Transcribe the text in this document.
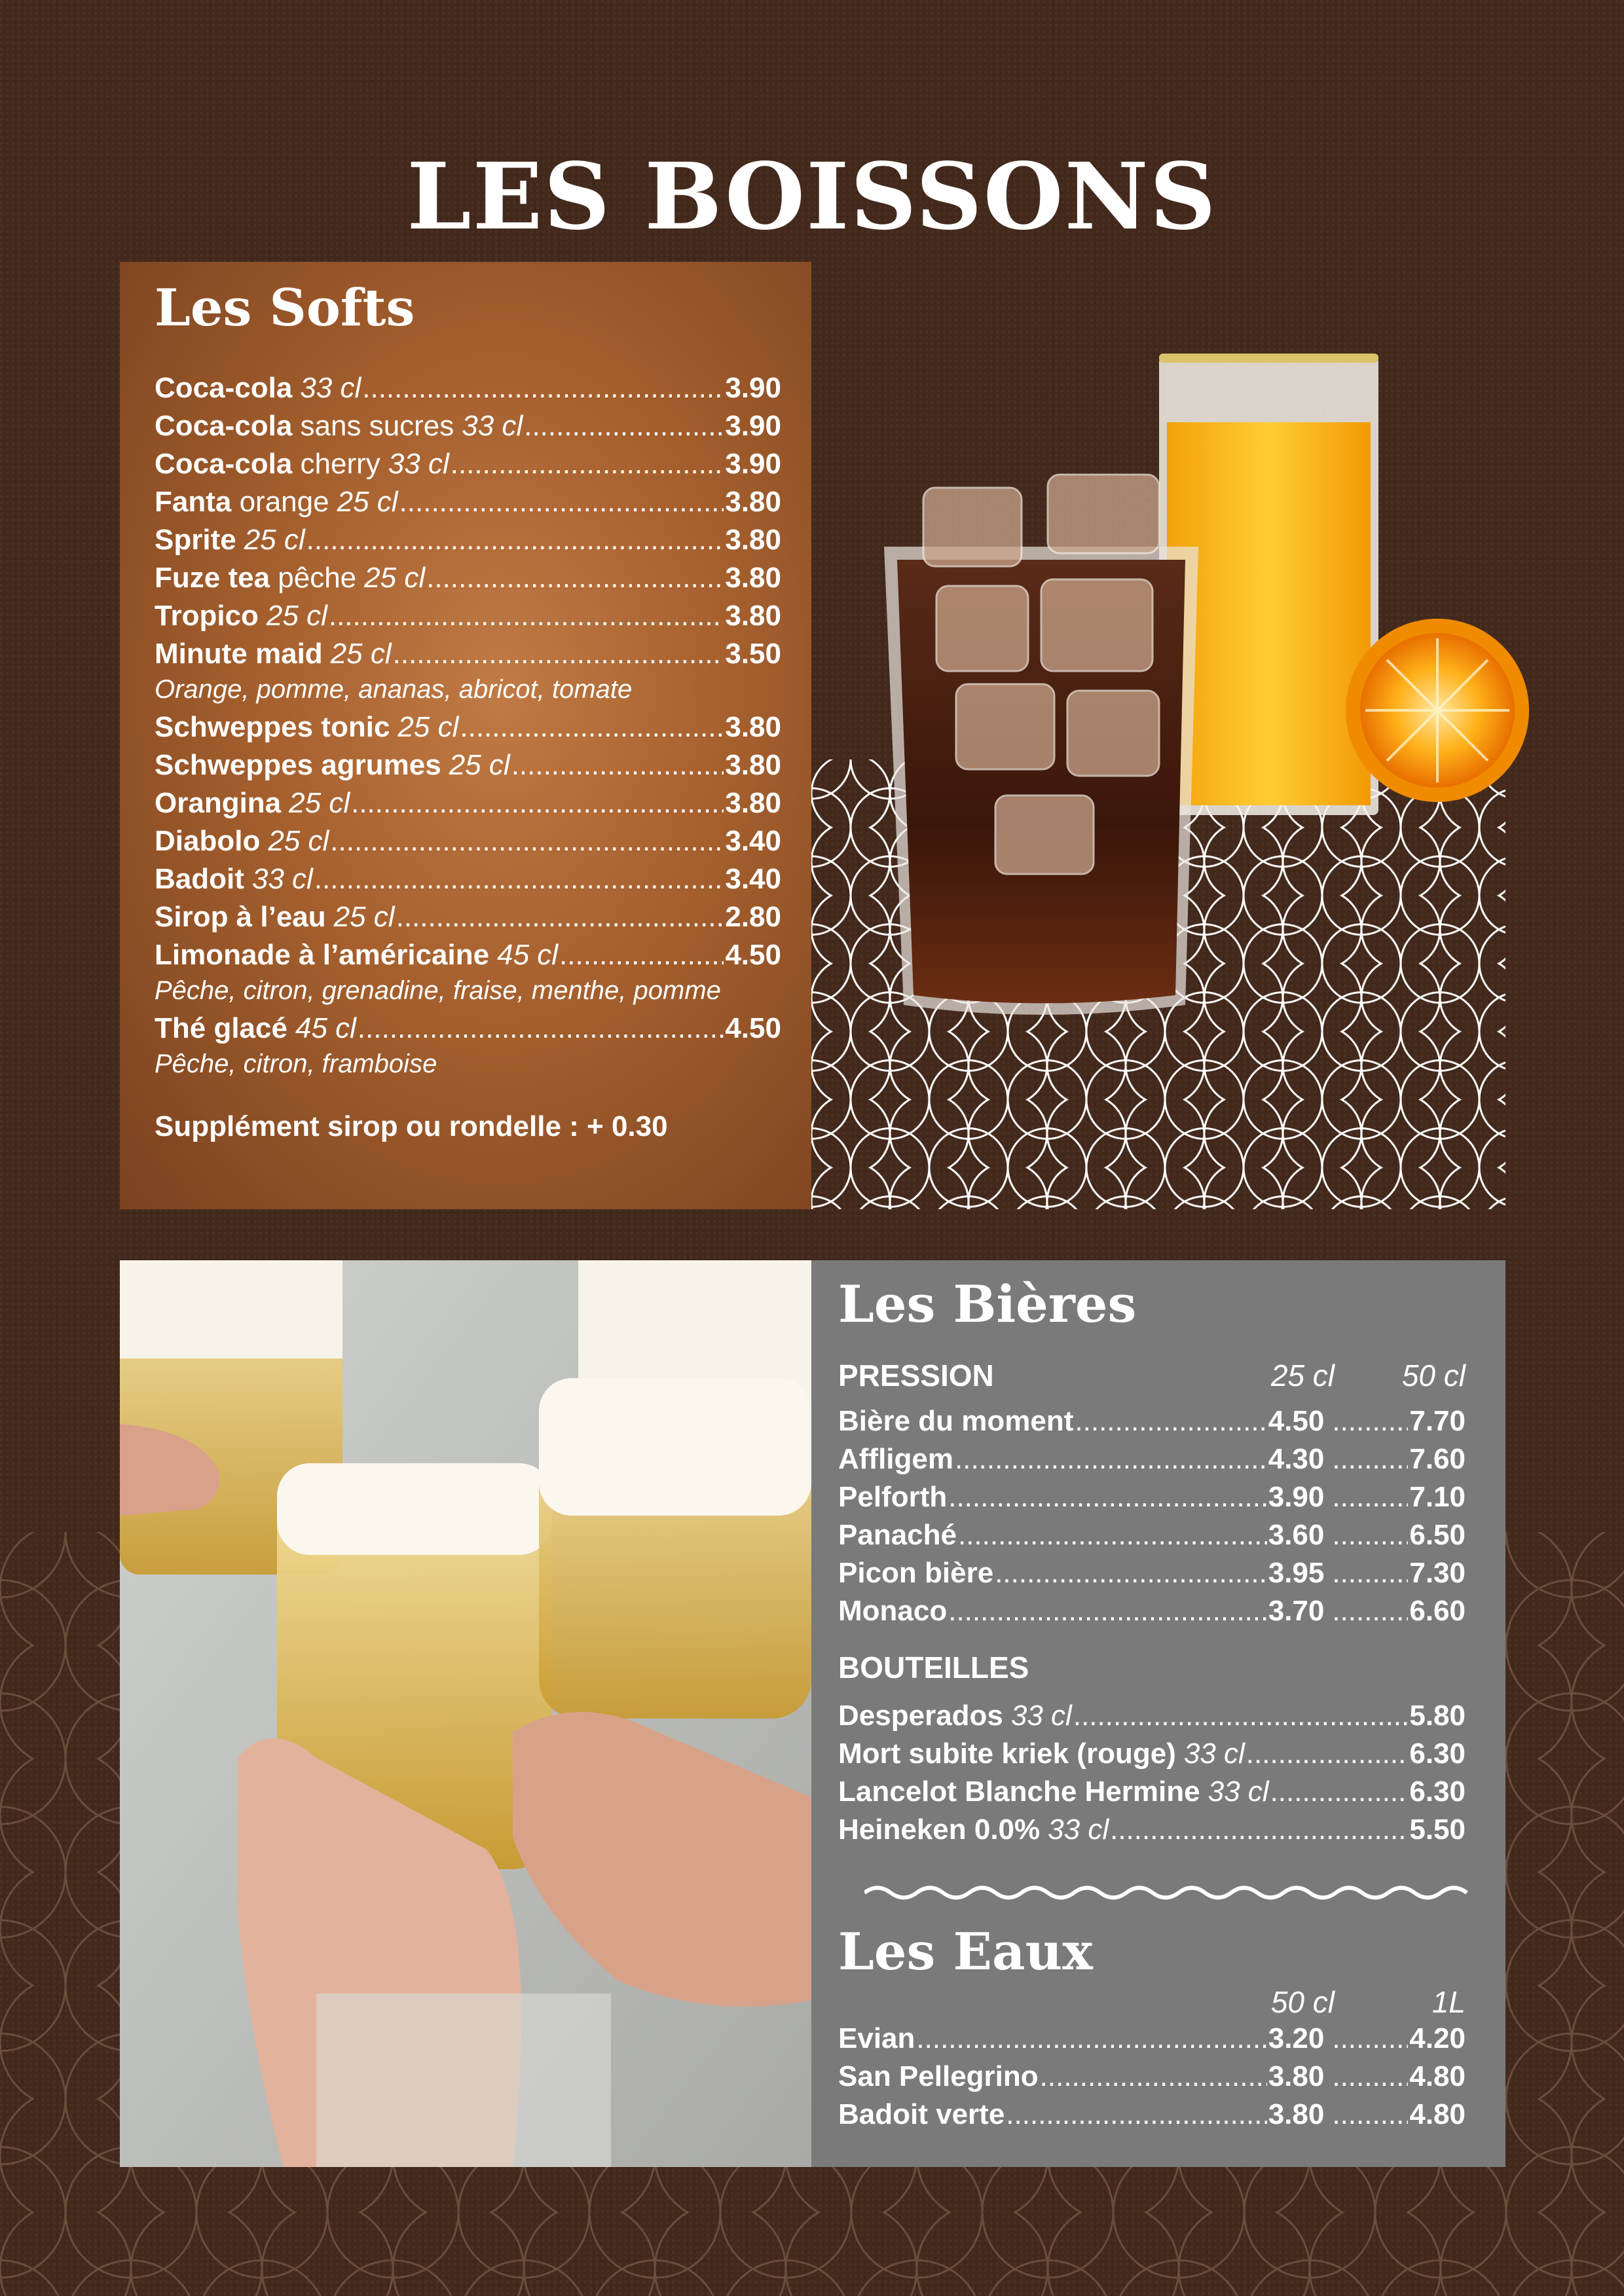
LES BOISSONS
Les Softs
Coca-cola 33 cl .....	3.90
Coca-cola sans sucres 33 cl .....	3.90
Coca-cola cherry 33 cl .....	3.90
Fanta orange 25 cl .....	3.80
Sprite 25 cl .....	3.80
Fuze tea pêche 25 cl .....	3.80
Tropico 25 cl .....	3.80
Minute maid 25 cl .....	3.50
Orange, pomme, ananas, abricot, tomate
Schweppes tonic 25 cl .....	3.80
Schweppes agrumes 25 cl .....	3.80
Orangina 25 cl .....	3.80
Diabolo 25 cl .....	3.40
Badoit 33 cl .....	3.40
Sirop à l’eau 25 cl .....	2.80
Limonade à l’américaine 45 cl .....	4.50
Pêche, citron, grenadine, fraise, menthe, pomme
Thé glacé 45 cl .....	4.50
Pêche, citron, framboise
Supplément sirop ou rondelle : + 0.30
Les Bières
PRESSION	25 cl	50 cl
Bière du moment .....	4.50 .....	7.70
Affligem .....	4.30 .....	7.60
Pelforth .....	3.90 .....	7.10
Panaché .....	3.60 .....	6.50
Picon bière .....	3.95 .....	7.30
Monaco .....	3.70 .....	6.60
BOUTEILLES
Desperados 33 cl .....	5.80
Mort subite kriek (rouge) 33 cl .....	6.30
Lancelot Blanche Hermine 33 cl .....	6.30
Heineken 0.0% 33 cl .....	5.50
Les Eaux
50 cl	1L
Evian .....	3.20 .....	4.20
San Pellegrino .....	3.80 .....	4.80
Badoit verte .....	3.80 .....	4.80
